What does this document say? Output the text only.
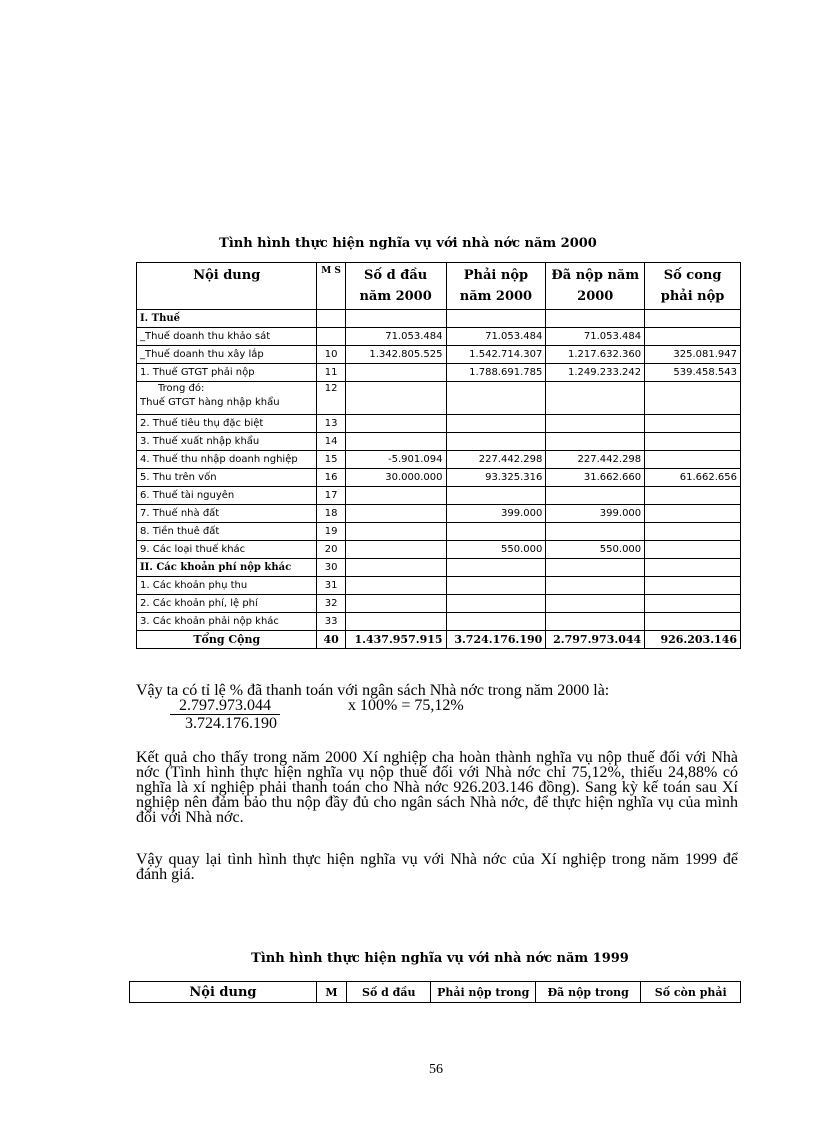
Tình hình thực hiện nghĩa vụ với nhà nớc năm 2000
Nội dung	M S	Số d đầu năm 2000	Phải nộp năm 2000	Đã nộp năm 2000	Số cong phải nộp
I. Thuế					
_Thuế doanh thu khảo sát		71.053.484	71.053.484	71.053.484	
_Thuế doanh thu xây lắp	10	1.342.805.525	1.542.714.307	1.217.632.360	325.081.947
1. Thuế GTGT phải nộp	11		1.788.691.785	1.249.233.242	539.458.543

Trong đó:
Thuế GTGT hàng nhập khẩu	12				
2. Thuế tiêu thụ đặc biệt	13				
3. Thuế xuất nhập khẩu	14				
4. Thuế thu nhập doanh nghiệp	15	-5.901.094	227.442.298	227.442.298	
5. Thu trên vốn	16	30.000.000	93.325.316	31.662.660	61.662.656
6. Thuế tài nguyên	17				
7. Thuế nhà đất	18		399.000	399.000	
8. Tiền thuê đất	19				
9. Các loại thuế khác	20		550.000	550.000	
II. Các khoản phí nộp khác	30				
1. Các khoản phụ thu	31				
2. Các khoản phí, lệ phí	32				
3. Các khoản phải nộp khác	33				
Tổng Cộng	40	1.437.957.915	3.724.176.190	2.797.973.044	926.203.146
Vậy ta có tỉ lệ % đã thanh toán với ngân sách Nhà nớc trong năm 2000 là:
2.797.973.044
3.724.176.190
x 100% = 75,12%
Kết quả cho thấy trong năm 2000 Xí nghiệp cha hoàn thành nghĩa vụ nộp thuế đối với Nhà nớc (Tình hình thực hiện nghĩa vụ nộp thuế đối với Nhà nớc chỉ 75,12%, thiếu 24,88% có nghĩa là xí nghiệp phải thanh toán cho Nhà nớc 926.203.146 đồng). Sang kỳ kế toán sau Xí nghiệp nên đảm bảo thu nộp đầy đủ cho ngân sách Nhà nớc, để thực hiện nghĩa vụ của mình đối với Nhà nớc.
Vậy quay lại tình hình thực hiện nghĩa vụ với Nhà nớc của Xí nghiệp trong năm 1999 để đánh giá.
Tình hình thực hiện nghĩa vụ với nhà nớc năm 1999
Nội dung	M	Số d đầu	Phải nộp trong	Đã nộp trong	Số còn phải
56
